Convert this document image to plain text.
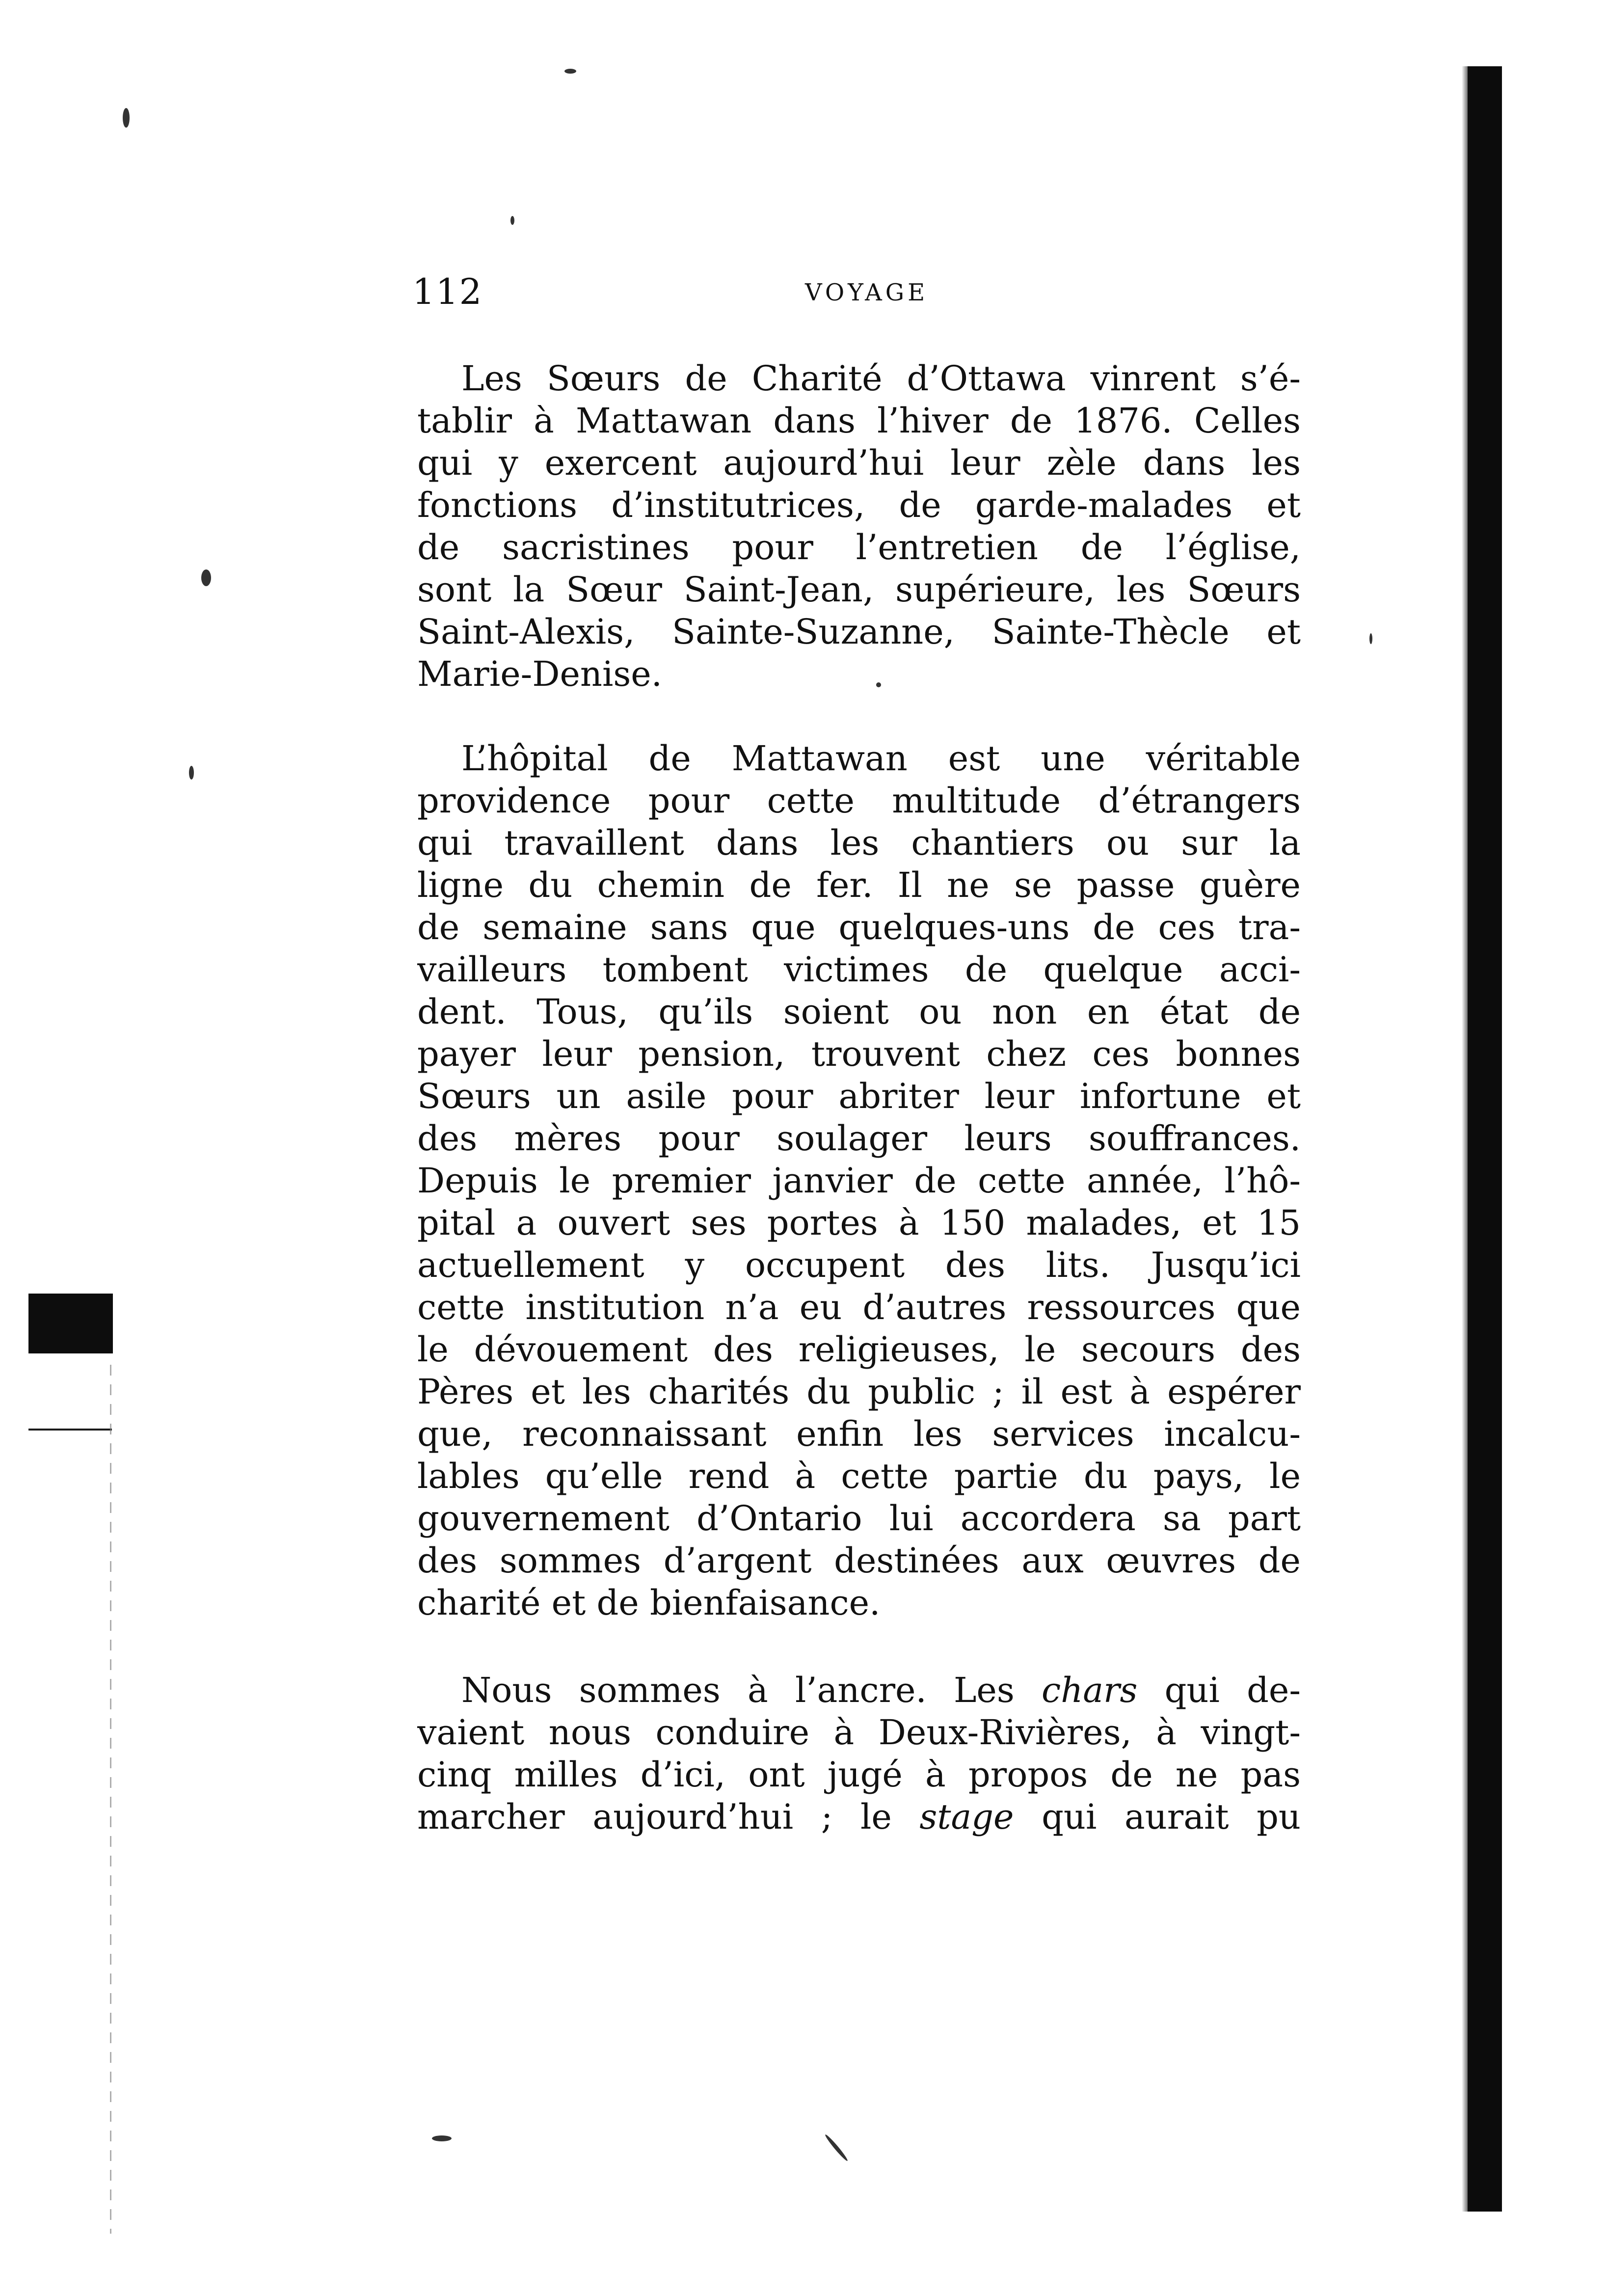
112	VOYAGE
Les Sœurs de Charité d’Ottawa vinrent s’é-
tablir à Mattawan dans l’hiver de 1876. Celles
qui y exercent aujourd’hui leur zèle dans les
fonctions d’institutrices, de garde-malades et
de sacristines pour l’entretien de l’église,
sont la Sœur Saint-Jean, supérieure, les Sœurs
Saint-Alexis, Sainte-Suzanne, Sainte-Thècle et
Marie-Denise.
L’hôpital de Mattawan est une véritable
providence pour cette multitude d’étrangers
qui travaillent dans les chantiers ou sur la
ligne du chemin de fer. Il ne se passe guère
de semaine sans que quelques-uns de ces tra-
vailleurs tombent victimes de quelque acci-
dent. Tous, qu’ils soient ou non en état de
payer leur pension, trouvent chez ces bonnes
Sœurs un asile pour abriter leur infortune et
des mères pour soulager leurs souffrances.
Depuis le premier janvier de cette année, l’hô-
pital a ouvert ses portes à 150 malades, et 15
actuellement y occupent des lits. Jusqu’ici
cette institution n’a eu d’autres ressources que
le dévouement des religieuses, le secours des
Pères et les charités du public ; il est à espérer
que, reconnaissant enfin les services incalcu-
lables qu’elle rend à cette partie du pays, le
gouvernement d’Ontario lui accordera sa part
des sommes d’argent destinées aux œuvres de
charité et de bienfaisance.
Nous sommes à l’ancre. Les chars qui de-
vaient nous conduire à Deux-Rivières, à vingt-
cinq milles d’ici, ont jugé à propos de ne pas
marcher aujourd’hui ; le stage qui aurait pu
